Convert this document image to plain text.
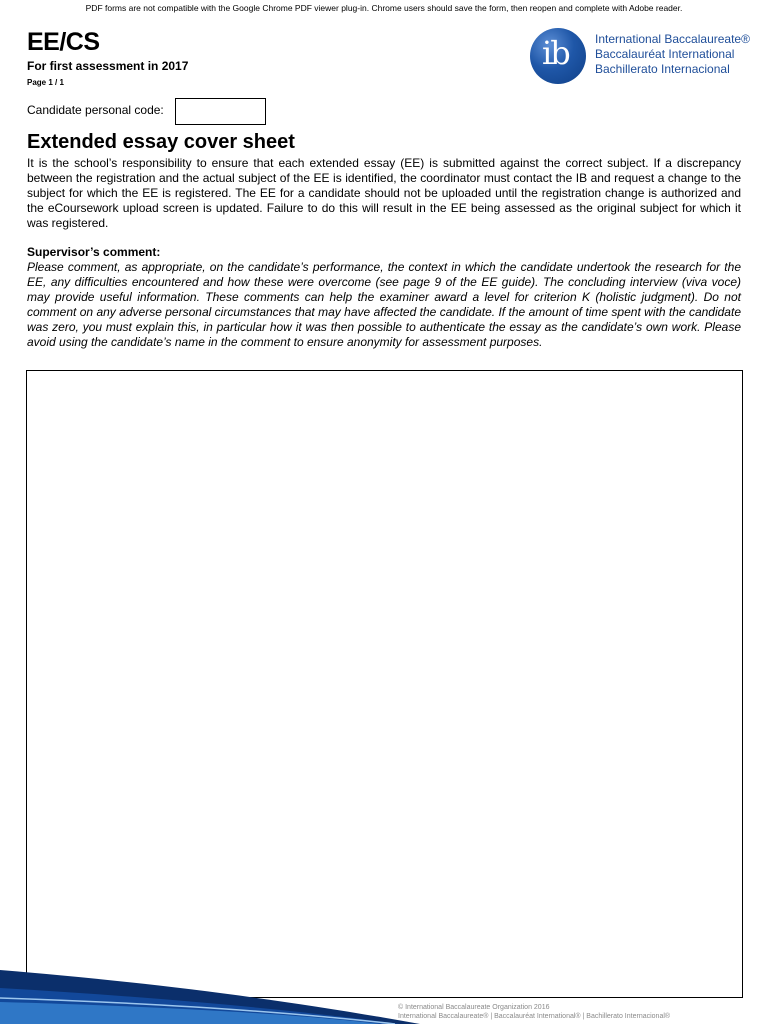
PDF forms are not compatible with the Google Chrome PDF viewer plug-in. Chrome users should save the form, then reopen and complete with Adobe reader.
EE/CS
For first assessment in 2017
Page 1 / 1
ib International Baccalaureate®
Baccalauréat International
Bachillerato Internacional
Candidate personal code:
Extended essay cover sheet
It is the school’s responsibility to ensure that each extended essay (EE) is submitted against the correct subject. If a discrepancy between the registration and the actual subject of the EE is identified, the coordinator must contact the IB and request a change to the subject for which the EE is registered. The EE for a candidate should not be uploaded until the registration change is authorized and the eCoursework upload screen is updated. Failure to do this will result in the EE being assessed as the original subject for which it was registered.
Supervisor’s comment:
Please comment, as appropriate, on the candidate’s performance, the context in which the candidate undertook the research for the EE, any difficulties encountered and how these were overcome (see page 9 of the EE guide). The concluding interview (viva voce) may provide useful information. These comments can help the examiner award a level for criterion K (holistic judgment). Do not comment on any adverse personal circumstances that may have affected the candidate. If the amount of time spent with the candidate was zero, you must explain this, in particular how it was then possible to authenticate the essay as the candidate’s own work. Please avoid using the candidate’s name in the comment to ensure anonymity for assessment purposes.
© International Baccalaureate Organization 2016
International Baccalaureate® | Baccalauréat International® | Bachillerato Internacional®
